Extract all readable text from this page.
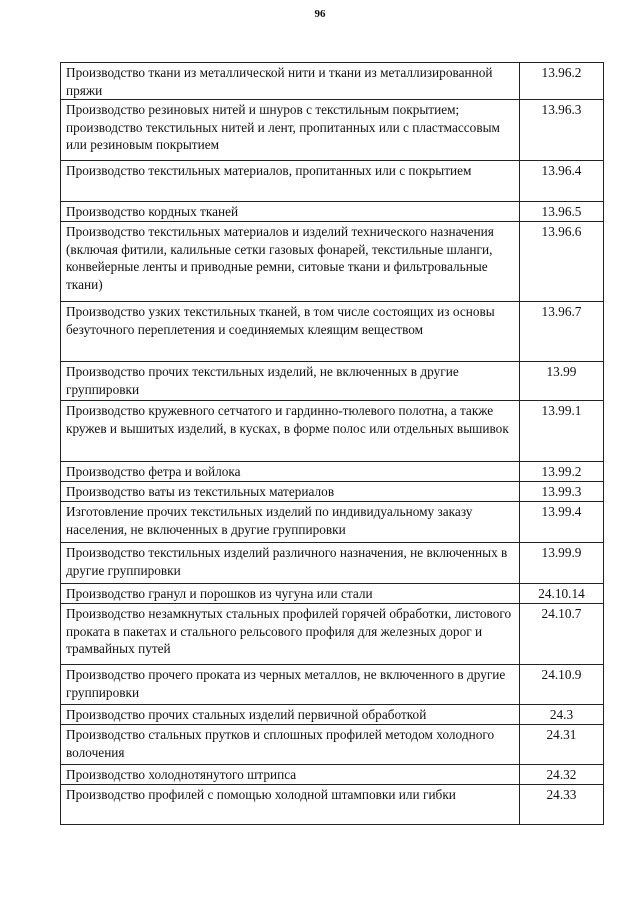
96
Производство ткани из металлической нити и ткани из металлизированной пряжи	13.96.2
Производство резиновых нитей и шнуров с текстильным покрытием; производство текстильных нитей и лент, пропитанных или с пластмассовым или резиновым покрытием	13.96.3
Производство текстильных материалов, пропитанных или с покрытием	13.96.4
Производство кордных тканей	13.96.5
Производство текстильных материалов и изделий технического назначения (включая фитили, калильные сетки газовых фонарей, текстильные шланги, конвейерные ленты и приводные ремни, ситовые ткани и фильтровальные ткани)	13.96.6
Производство узких текстильных тканей, в том числе состоящих из основы безуточного переплетения и соединяемых клеящим веществом	13.96.7
Производство прочих текстильных изделий, не включенных в другие группировки	13.99
Производство кружевного сетчатого и гардинно-тюлевого полотна, а также кружев и вышитых изделий, в кусках, в форме полос или отдельных вышивок	13.99.1
Производство фетра и войлока	13.99.2
Производство ваты из текстильных материалов	13.99.3
Изготовление прочих текстильных изделий по индивидуальному заказу населения, не включенных в другие группировки	13.99.4
Производство текстильных изделий различного назначения, не включенных в другие группировки	13.99.9
Производство гранул и порошков из чугуна или стали	24.10.14
Производство незамкнутых стальных профилей горячей обработки, листового проката в пакетах и стального рельсового профиля для железных дорог и трамвайных путей	24.10.7
Производство прочего проката из черных металлов, не включенного в другие группировки	24.10.9
Производство прочих стальных изделий первичной обработкой	24.3
Производство стальных прутков и сплошных профилей методом холодного волочения	24.31
Производство холоднотянутого штрипса	24.32
Производство профилей с помощью холодной штамповки или гибки	24.33
